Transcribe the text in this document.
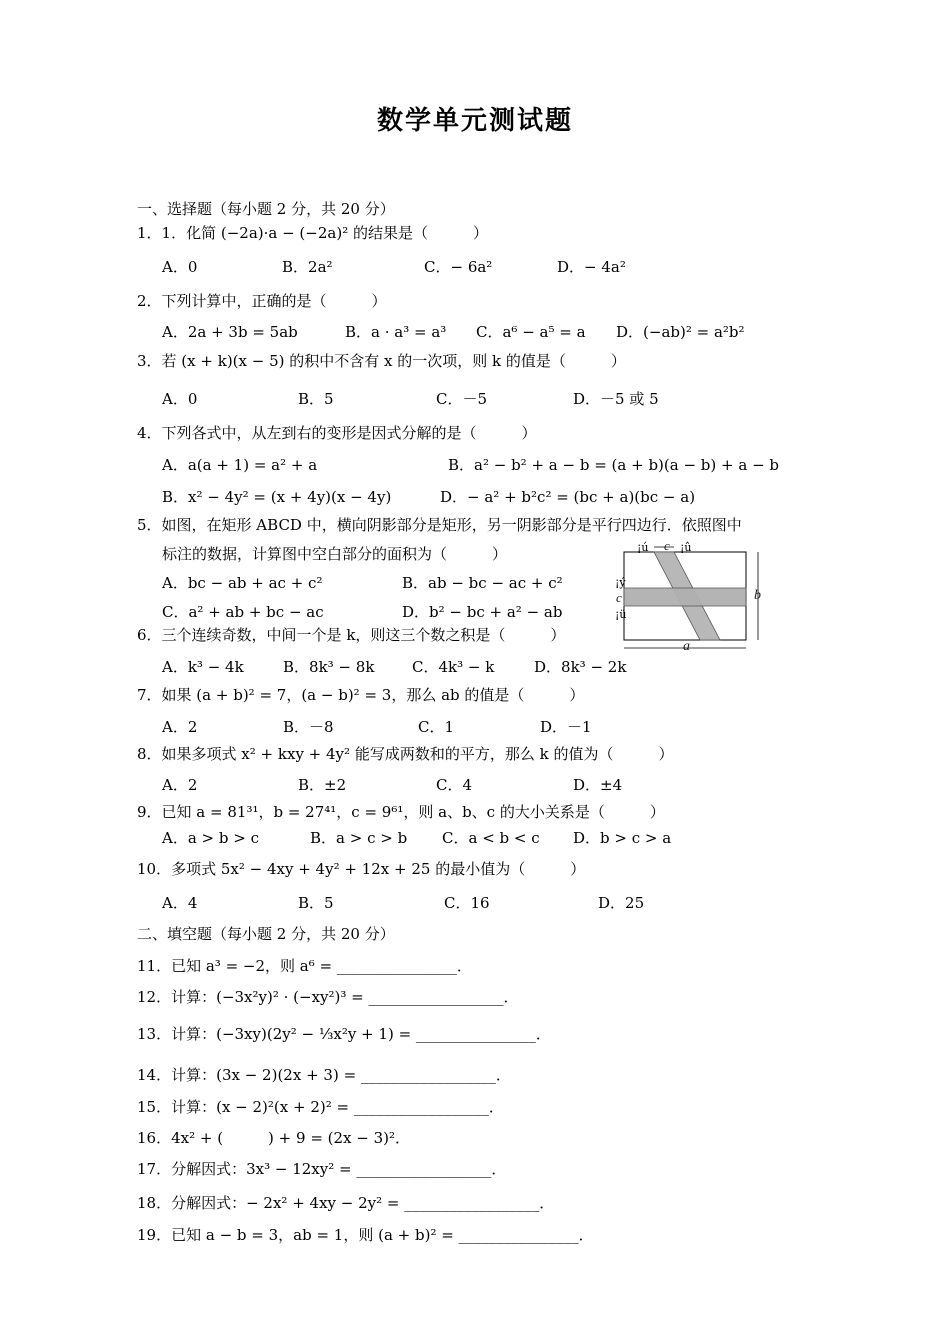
数学单元测试题
一、选择题（每小题 2 分，共 20 分）
1．1．化简 (−2a)·a − (−2a)² 的结果是（　　　）
A．0	B．2a²	C．− 6a²	D．− 4a²
2．下列计算中，正确的是（　　　）
A．2a + 3b = 5ab	B．a · a³ = a³ C．a⁶ − a⁵ = a D．(−ab)² = a²b²
3．若 (x + k)(x − 5) 的积中不含有 x 的一次项，则 k 的值是（　　　）
A．0	B．5	C．－5	D．－5 或 5
4．下列各式中，从左到右的变形是因式分解的是（　　　）
A．a(a + 1) = a² + a	B．a² − b² + a − b = (a + b)(a − b) + a − b
B．x² − 4y² = (x + 4y)(x − 4y)	D．− a² + b²c² = (bc + a)(bc − a)
5．如图，在矩形 ABCD 中，横向阴影部分是矩形，另一阴影部分是平行四边行．依照图中
标注的数据，计算图中空白部分的面积为（　　　）
A．bc − ab + ac + c²	B．ab − bc − ac + c²
C．a² + ab + bc − ac	D．b² − bc + a² − ab
c
¡ú	¡û
¡ý
c
¡ü
b
a
6．三个连续奇数，中间一个是 k，则这三个数之积是（　　　）
A．k³ − 4k	B．8k³ − 8k	C．4k³ − k	D．8k³ − 2k
7．如果 (a + b)² = 7，(a − b)² = 3，那么 ab 的值是（　　　）
A．2	B．－8	C．1	D．－1
8．如果多项式 x² + kxy + 4y² 能写成两数和的平方，那么 k 的值为（　　　）
A．2	B．±2	C．4	D．±4
9．已知 a = 81³¹，b = 27⁴¹，c = 9⁶¹，则 a、b、c 的大小关系是（　　　）
A．a > b > c	B．a > c > b C．a < b < c D．b > c > a
10．多项式 5x² − 4xy + 4y² + 12x + 25 的最小值为（　　　）
A．4	B．5	C．16	D．25
二、填空题（每小题 2 分，共 20 分）
11．已知 a³ = −2，则 a⁶ = ________________．
12．计算：(−3x²y)² · (−xy²)³ = __________________．
13．计算：(−3xy)(2y² − ⅓x²y + 1) = ________________．
14．计算：(3x − 2)(2x + 3) = __________________．
15．计算：(x − 2)²(x + 2)² = __________________．
16．4x² + (　　　) + 9 = (2x − 3)²．
17．分解因式：3x³ − 12xy² = __________________．
18．分解因式：− 2x² + 4xy − 2y² = __________________．
19．已知 a − b = 3，ab = 1，则 (a + b)² = ________________．
